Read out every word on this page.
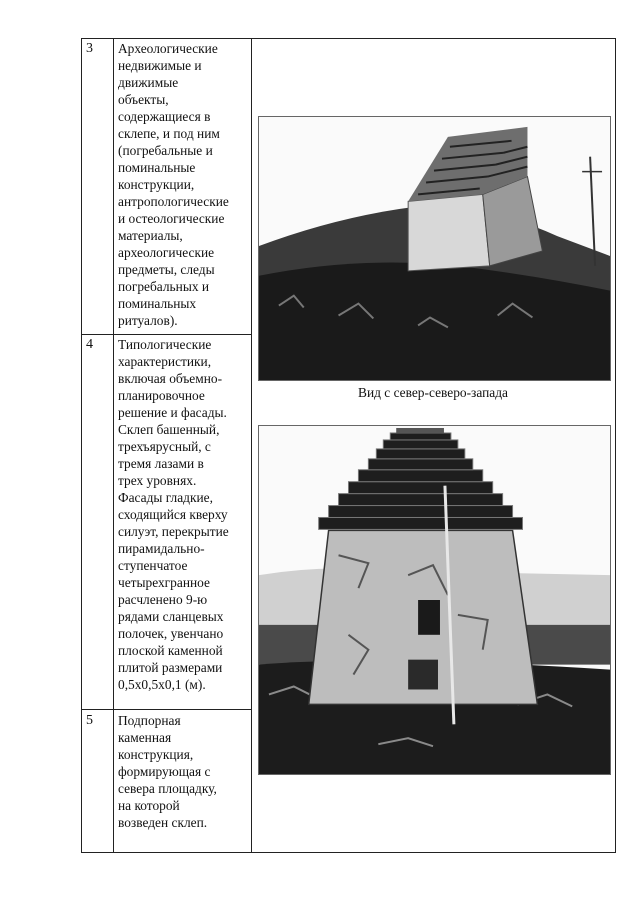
3 Археологические
недвижимые и
движимые
объекты,
содержащиеся в
склепе, и под ним
(погребальные и
поминальные
конструкции,
антропологические
и остеологические
материалы,
археологические
предметы, следы
погребальных и
поминальных
ритуалов).
4 Типологические
характеристики,
включая объемно-
планировочное
решение и фасады.
Склеп башенный,
трехъярусный, с
тремя лазами в
трех уровнях.
Фасады гладкие,
сходящийся кверху
силуэт, перекрытие
пирамидально-
ступенчатое
четырехгранное
расчленено 9-ю
рядами сланцевых
полочек, увенчано
плоской каменной
плитой размерами
0,5х0,5х0,1 (м).
5 Подпорная
каменная
конструкция,
формирующая с
севера площадку,
на которой
возведен склеп.
Вид с север-северо-запада
